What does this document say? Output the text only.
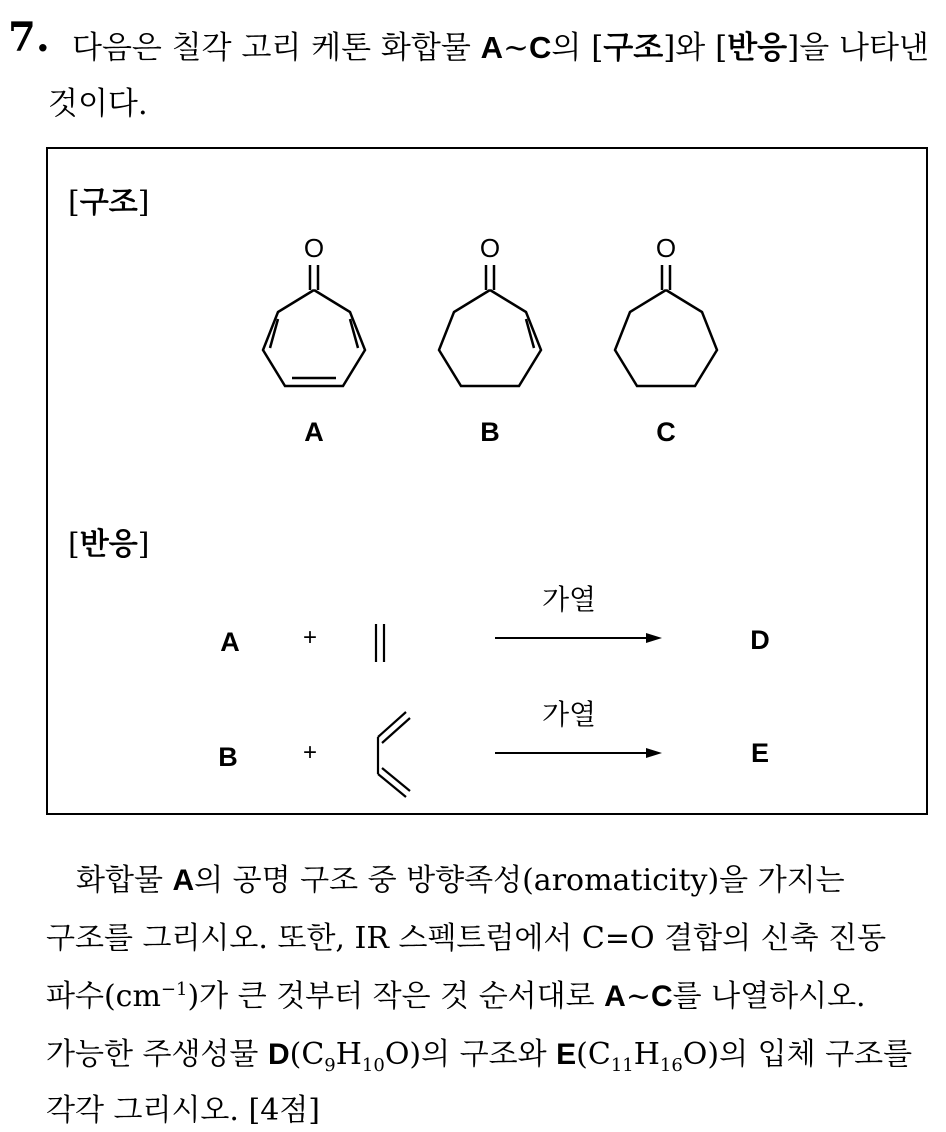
7. 다음은 칠각 고리 케톤 화합물 A~C의 [구조]와 [반응]을 나타낸
것이다.
[구조]
O
A
O
B
O
C
A	+
가열
D
B	+
가열
E
[반응]
화합물 A의 공명 구조 중 방향족성(aromaticity)을 가지는
구조를 그리시오. 또한, IR 스펙트럼에서 C=O 결합의 신축 진동
파수$(cm^{-1})$가 큰 것부터 작은 것 순서대로 A~C를 나열하시오.
가능한 주생성물 $D(C_9H_{10}O)$의 구조와 $E(C_{11}H_{16}O)$의 입체 구조를
각각 그리시오. [4점]
